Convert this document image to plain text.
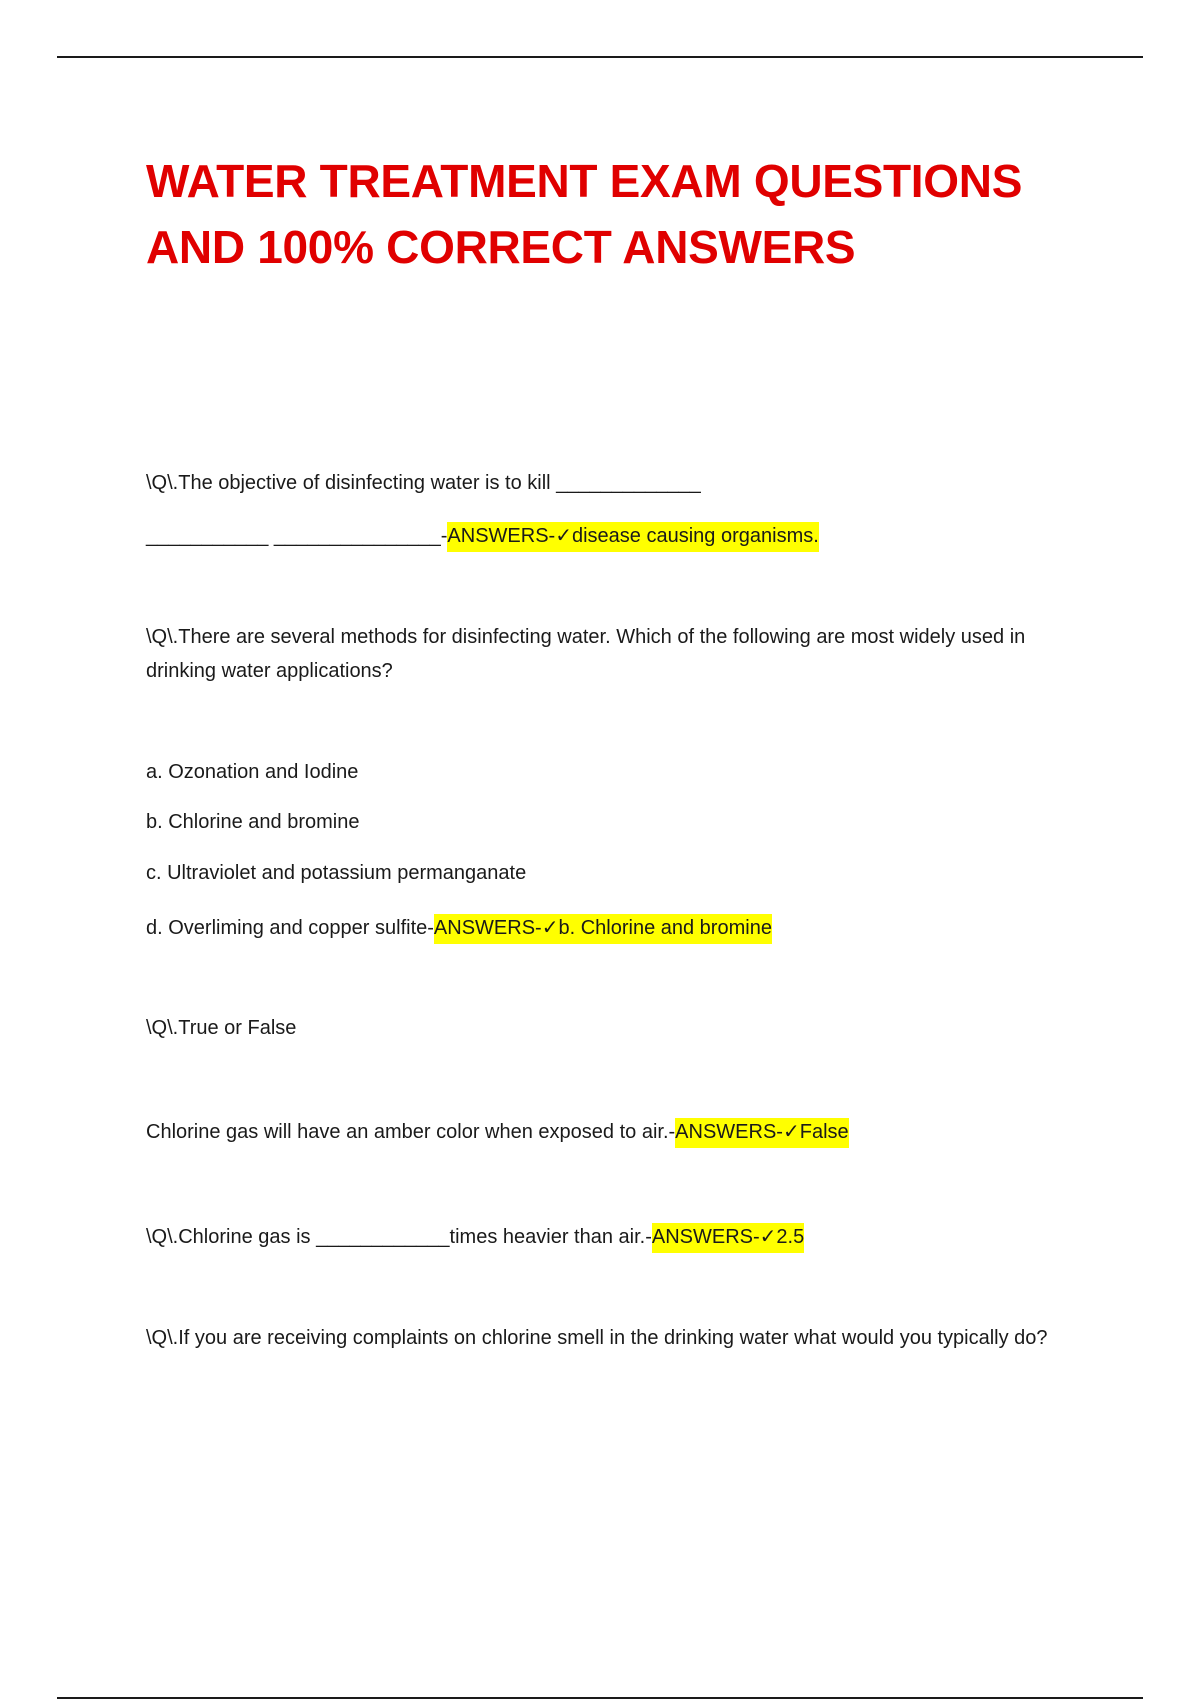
WATER TREATMENT EXAM QUESTIONS
AND 100% CORRECT ANSWERS

\Q\.The objective of disinfecting water is to kill _____________

___________ _______________-ANSWERS-✓disease causing organisms.

\Q\.There are several methods for disinfecting water. Which of the following are most widely used in drinking water applications?

a. Ozonation and Iodine

b. Chlorine and bromine

c. Ultraviolet and potassium permanganate

d. Overliming and copper sulfite-ANSWERS-✓b. Chlorine and bromine

\Q\.True or False

Chlorine gas will have an amber color when exposed to air.-ANSWERS-✓False

\Q\.Chlorine gas is ____________times heavier than air.-ANSWERS-✓2.5

\Q\.If you are receiving complaints on chlorine smell in the drinking water what would you typically do?
